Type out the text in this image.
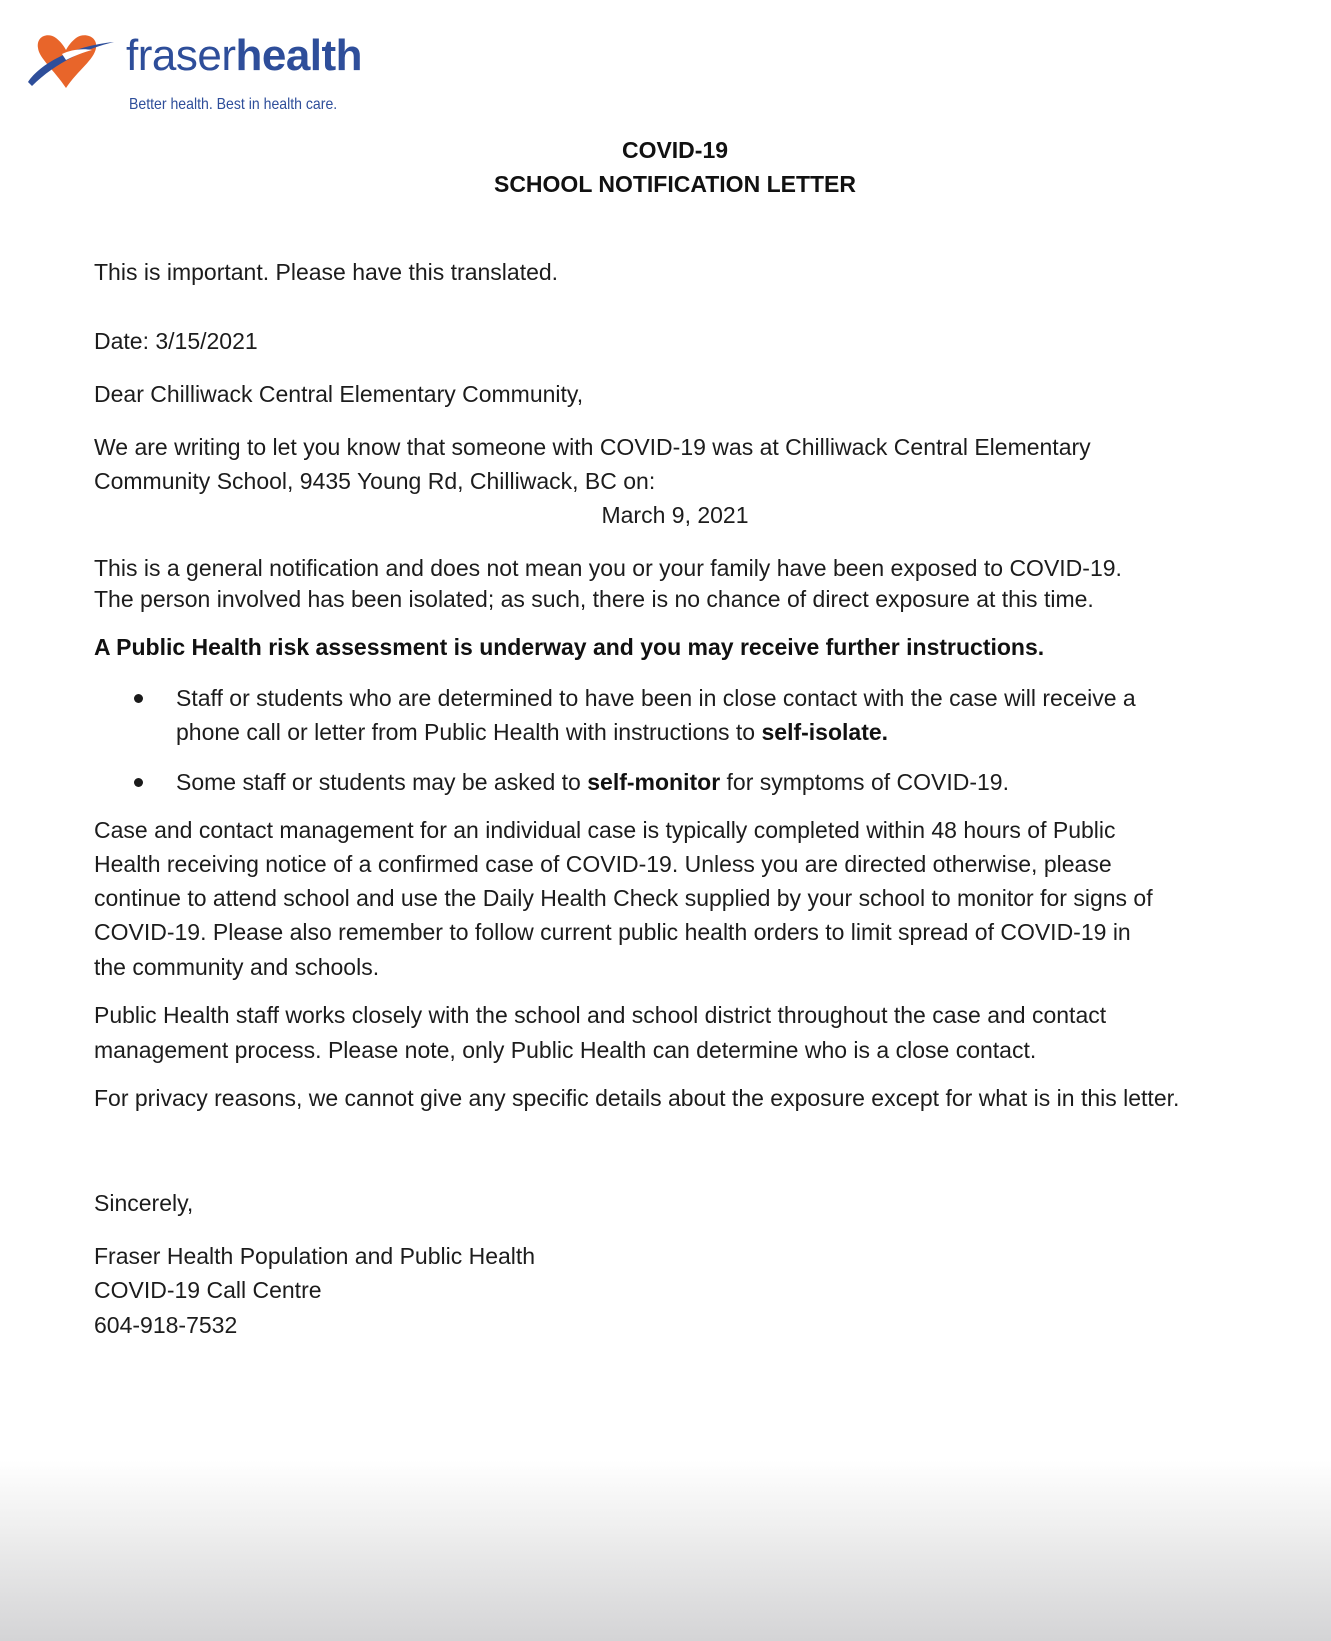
fraserhealth
Better health. Best in health care.
COVID-19
SCHOOL NOTIFICATION LETTER
This is important. Please have this translated.
Date: 3/15/2021
Dear Chilliwack Central Elementary Community,
We are writing to let you know that someone with COVID-19 was at Chilliwack Central Elementary
Community School, 9435 Young Rd, Chilliwack, BC on:
March 9, 2021
This is a general notification and does not mean you or your family have been exposed to COVID-19.
The person involved has been isolated; as such, there is no chance of direct exposure at this time.
A Public Health risk assessment is underway and you may receive further instructions.
Staff or students who are determined to have been in close contact with the case will receive a
phone call or letter from Public Health with instructions to self-isolate.
Some staff or students may be asked to self-monitor for symptoms of COVID-19.
Case and contact management for an individual case is typically completed within 48 hours of Public
Health receiving notice of a confirmed case of COVID-19. Unless you are directed otherwise, please
continue to attend school and use the Daily Health Check supplied by your school to monitor for signs of
COVID-19. Please also remember to follow current public health orders to limit spread of COVID-19 in
the community and schools.
Public Health staff works closely with the school and school district throughout the case and contact
management process. Please note, only Public Health can determine who is a close contact.
For privacy reasons, we cannot give any specific details about the exposure except for what is in this letter.
Sincerely,
Fraser Health Population and Public Health
COVID-19 Call Centre
604-918-7532
